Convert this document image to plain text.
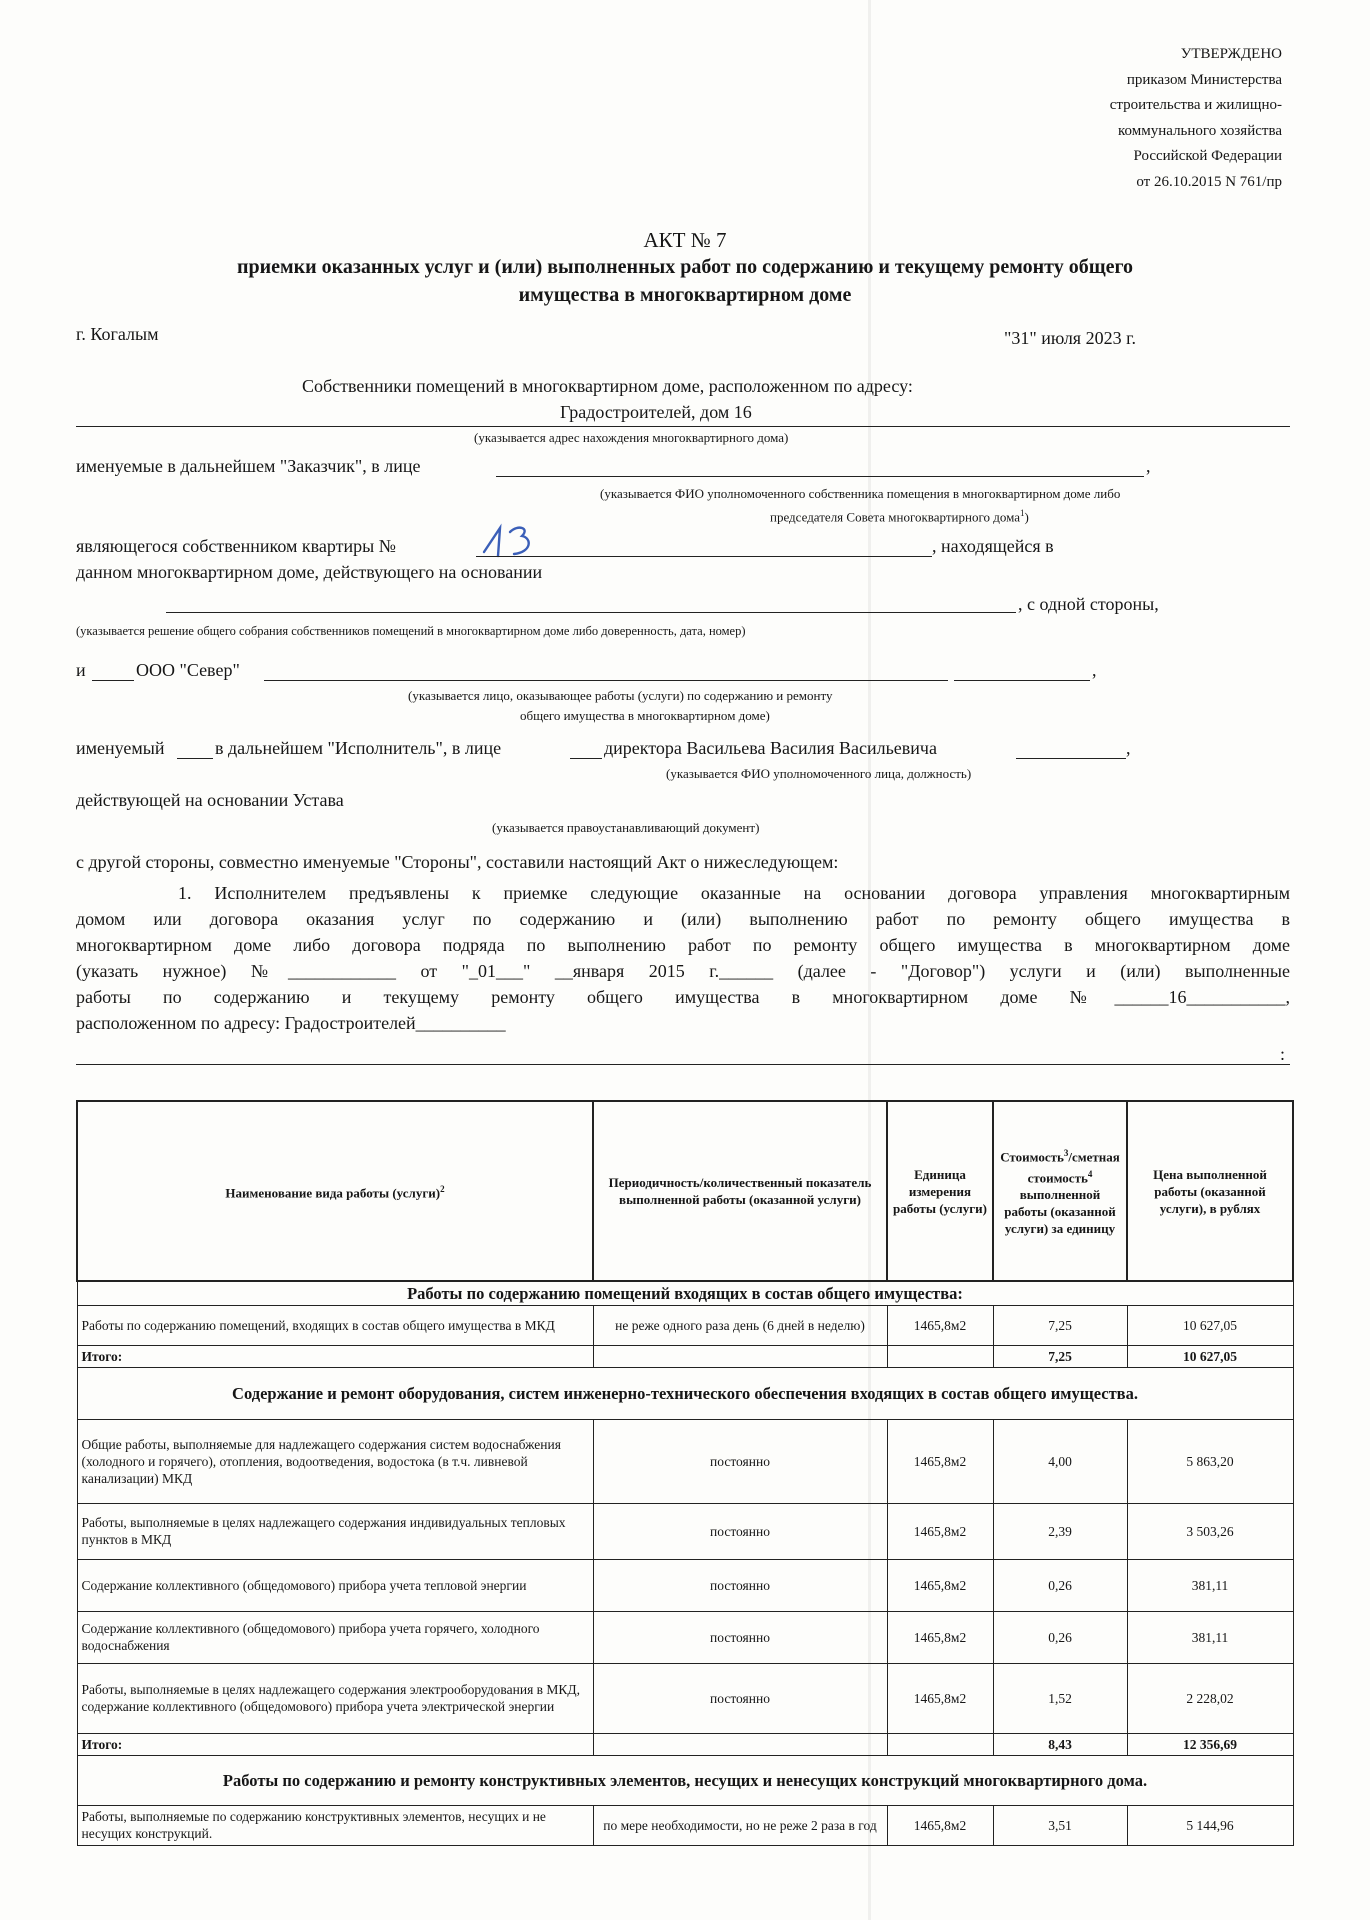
УТВЕРЖДЕНО
приказом Министерства
строительства и жилищно-
коммунального хозяйства
Российской Федерации
от 26.10.2015 N 761/пр
АКТ № 7
приемки оказанных услуг и (или) выполненных работ по содержанию и текущему ремонту общего
имущества в многоквартирном доме
г. Когалым	"31" июля 2023 г.
Собственники помещений в многоквартирном доме, расположенном по адресу:
Градостроителей, дом 16
(указывается адрес нахождения многоквартирного дома)
именуемые в дальнейшем "Заказчик", в лице	,
(указывается ФИО уполномоченного собственника помещения в многоквартирном доме либо
председателя Совета многоквартирного дома$^1$)
являющегося собственником квартиры №	, находящейся в
данном многоквартирном доме, действующего на основании
, с одной стороны,
(указывается решение общего собрания собственников помещений в многоквартирном доме либо доверенность, дата, номер)
и	ООО "Север"	,
(указывается лицо, оказывающее работы (услуги) по содержанию и ремонту
общего имущества в многоквартирном доме)
именуемый	в дальнейшем "Исполнитель", в лице	директора Васильева Василия Васильевича	,
(указывается ФИО уполномоченного лица, должность)
действующей на основании Устава
(указывается правоустанавливающий документ)
с другой стороны, совместно именуемые "Стороны", составили настоящий Акт о нижеследующем:
1. Исполнителем предъявлены к приемке следующие оказанные на основании договора управления многоквартирным
домом или договора оказания услуг по содержанию и (или) выполнению работ по ремонту общего имущества в
многоквартирном доме либо договора подряда по выполнению работ по ремонту общего имущества в многоквартирном доме
(указать нужное) №____________ от "_01___" __января 2015 г.______ (далее - "Договор") услуги и (или) выполненные
работы по содержанию и текущему ремонту общего имущества в многоквартирном доме №______16___________,
расположенном по адресу: Градостроителей__________
:
Наименование вида работы (услуги)$^2$	Периодичность/количественный показатель выполненной работы (оказанной услуги)	Единица измерения работы (услуги)	Стоимость$^3$/сметная стоимость$^4$ выполненной работы (оказанной услуги) за единицу	Цена выполненной работы (оказанной услуги), в рублях
Работы по содержанию помещений входящих в состав общего имущества:				
Работы по содержанию помещений, входящих в состав общего имущества в МКД	не реже одного раза день (6 дней в неделю)	1465,8м2	7,25	10 627,05
Итого:			7,25	10 627,05
Содержание и ремонт оборудования, систем инженерно-технического обеспечения входящих в состав общего имущества.				
Общие работы, выполняемые для надлежащего содержания систем водоснабжения (холодного и горячего), отопления, водоотведения, водостока (в т.ч. ливневой канализации) МКД	постоянно	1465,8м2	4,00	5 863,20
Работы, выполняемые в целях надлежащего содержания индивидуальных тепловых пунктов в МКД	постоянно	1465,8м2	2,39	3 503,26
Содержание коллективного (общедомового) прибора учета тепловой энергии	постоянно	1465,8м2	0,26	381,11
Содержание коллективного (общедомового) прибора учета горячего, холодного водоснабжения	постоянно	1465,8м2	0,26	381,11
Работы, выполняемые в целях надлежащего содержания электрооборудования в МКД, содержание коллективного (общедомового) прибора учета электрической энергии	постоянно	1465,8м2	1,52	2 228,02
Итого:			8,43	12 356,69
Работы по содержанию и ремонту конструктивных элементов, несущих и ненесущих конструкций многоквартирного дома.				
Работы, выполняемые по содержанию конструктивных элементов, несущих и не несущих конструкций.	по мере необходимости, но не реже 2 раза в год	1465,8м2	3,51	5 144,96
